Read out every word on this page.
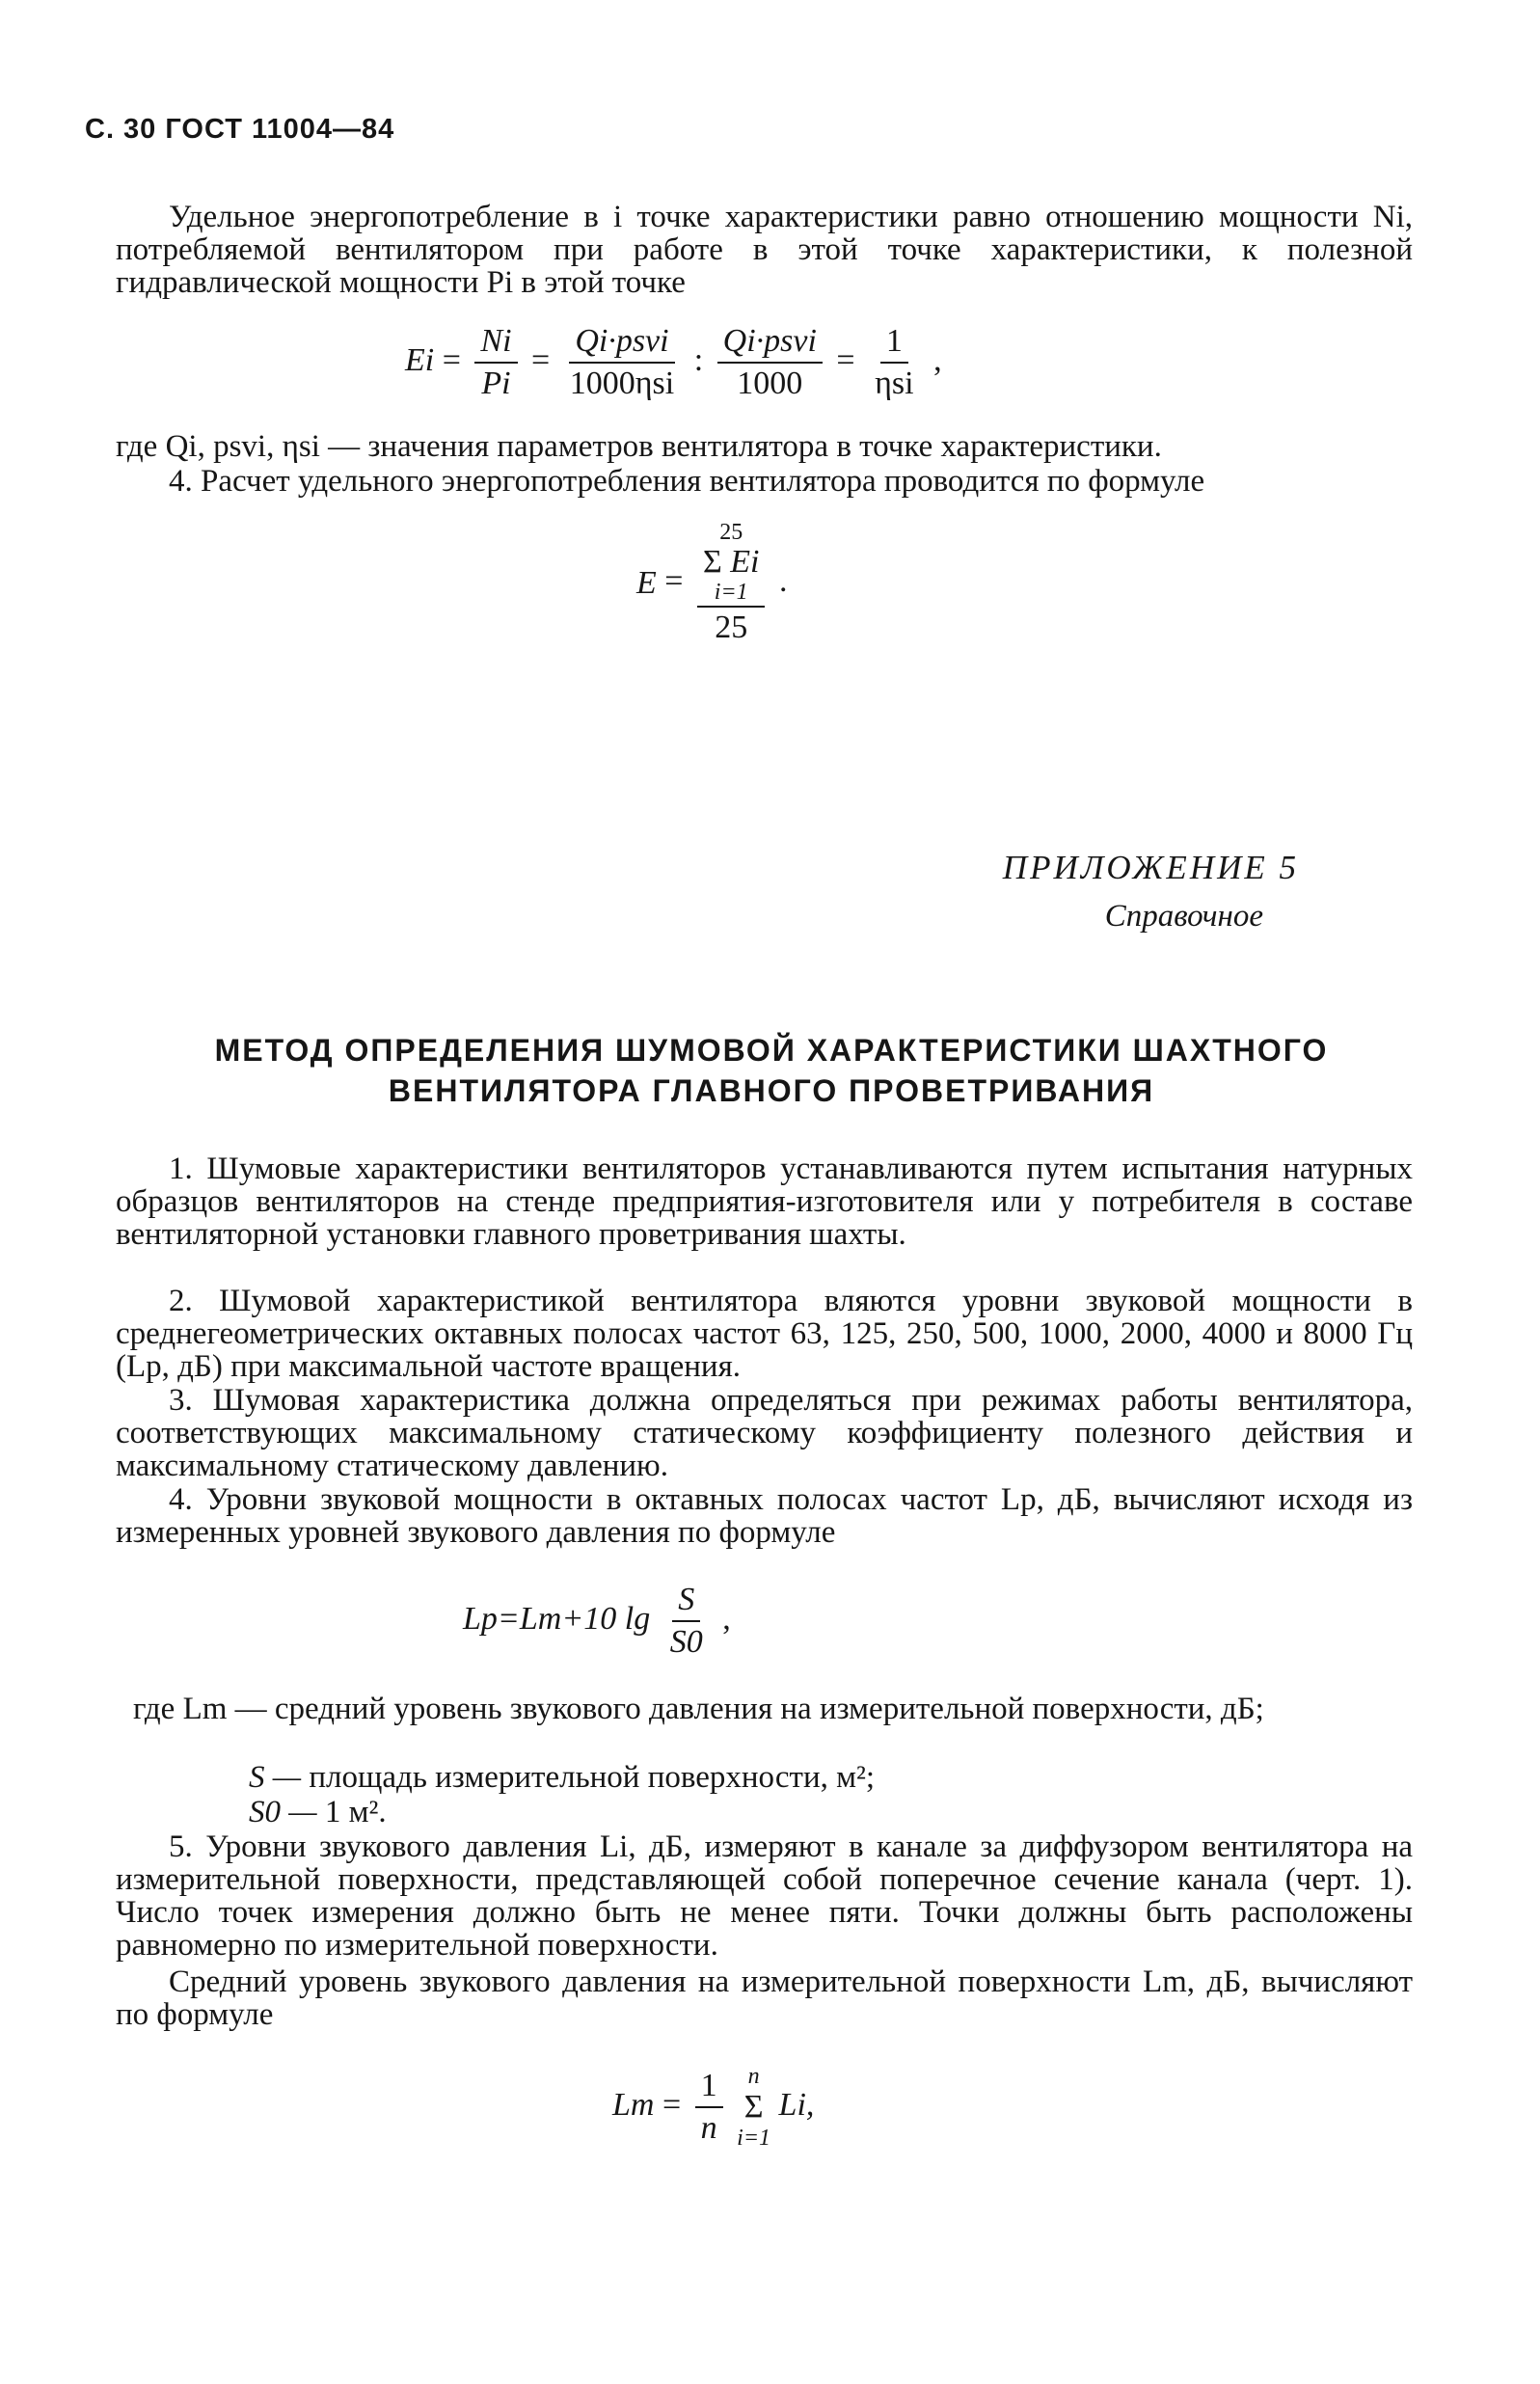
С. 30 ГОСТ 11004—84
Удельное энергопотребление в i точке характеристики равно отношению мощности Ni, потребляемой вентилятором при работе в этой точке характеристики, к полезной гидравлической мощности Pi в этой точке
$Ei = \frac{Ni}{Pi} = \frac{\text{Qi·psvi}}{\text{1000ηsi}}$ : $\frac{\text{Qi·psvi}}{1000} = \frac{1}{\text{ηsi}}$ ,
где Qi, psvi, ηsi — значения параметров вентилятора в точке характеристики.
4. Расчет удельного энергопотребления вентилятора проводится по формуле
E = 25
Σ Ei
i=1
25 .
ПРИЛОЖЕНИЕ 5
Справочное
МЕТОД ОПРЕДЕЛЕНИЯ ШУМОВОЙ ХАРАКТЕРИСТИКИ ШАХТНОГО ВЕНТИЛЯТОРА ГЛАВНОГО ПРОВЕТРИВАНИЯ
1. Шумовые характеристики вентиляторов устанавливаются путем испытания натурных образцов вентиляторов на стенде предприятия-изготовителя или у потребителя в составе вентиляторной установки главного проветривания шахты.
2. Шумовой характеристикой вентилятора вляются уровни звуковой мощности в среднегеометрических октавных полосах частот 63, 125, 250, 500, 1000, 2000, 4000 и 8000 Гц (Lp, дБ) при максимальной частоте вращения.
3. Шумовая характеристика должна определяться при режимах работы вентилятора, соответствующих максимальному статическому коэффициенту полезного действия и максимальному статическому давлению.
4. Уровни звуковой мощности в октавных полосах частот Lp, дБ, вычисляют исходя из измеренных уровней звукового давления по формуле
Lp=Lm+10 $\lg \frac{S}{S0}$ ,
где Lm — средний уровень звукового давления на измерительной поверхности, дБ;
S — площадь измерительной поверхности, м²;
S0 — 1 м².
5. Уровни звукового давления Li, дБ, измеряют в канале за диффузором вентилятора на измерительной поверхности, представляющей собой поперечное сечение канала (черт. 1). Число точек измерения должно быть не менее пяти. Точки должны быть расположены равномерно по измерительной поверхности.
Средний уровень звукового давления на измерительной поверхности Lm, дБ, вычисляют по формуле
$Lm = \frac{1}{n}$
n
Σ
i=1
Li,
